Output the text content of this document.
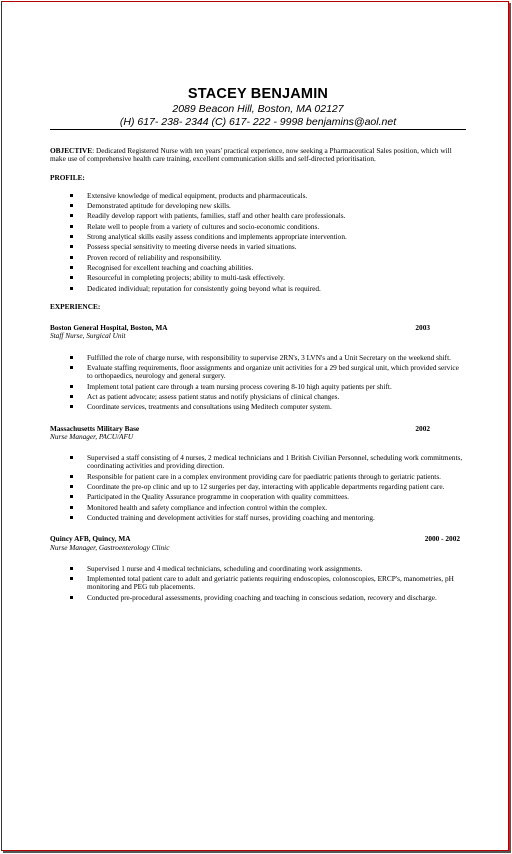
STACEY BENJAMIN
2089 Beacon Hill, Boston, MA 02127
(H) 617- 238- 2344 (C) 617- 222 - 9998 benjamins@aol.net
OBJECTIVE: Dedicated Registered Nurse with ten years' practical experience, now seeking a Pharmaceutical Sales position, which will make use of comprehensive health care training, excellent communication skills and self-directed prioritisation.
PROFILE:
Extensive knowledge of medical equipment, products and pharmaceuticals.
Demonstrated aptitude for developing new skills.
Readily develop rapport with patients, families, staff and other health care professionals.
Relate well to people from a variety of cultures and socio-economic conditions.
Strong analytical skills easily assess conditions and implements appropriate intervention.
Possess special sensitivity to meeting diverse needs in varied situations.
Proven record of reliability and responsibility.
Recognised for excellent teaching and coaching abilities.
Resourceful in completing projects; ability to multi-task effectively.
Dedicated individual; reputation for consistently going beyond what is required.
EXPERIENCE:
Boston General Hospital, Boston, MA	2003
Staff Nurse, Surgical Unit
Fulfilled the role of charge nurse, with responsibility to supervise 2RN's, 3 LVN's and a Unit Secretary on the weekend shift.
Evaluate staffing requirements, floor assignments and organize unit activities for a 29 bed surgical unit, which provided service to orthopaedics, neurology and general surgery.
Implement total patient care through a team nursing process covering 8-10 high aquity patients per shift.
Act as patient advocate; assess patient status and notify physicians of clinical changes.
Coordinate services, treatments and consultations using Meditech computer system.
Massachusetts Military Base	2002
Nurse Manager, PACU/AFU
Supervised a staff consisting of 4 nurses, 2 medical technicians and 1 British Civilian Personnel, scheduling work commitments, coordinating activities and providing direction.
Responsible for patient care in a complex environment providing care for paediatric patients through to geriatric patients.
Coordinate the pre-op clinic and up to 12 surgeries per day, interacting with applicable departments regarding patient care.
Participated in the Quality Assurance programme in cooperation with quality committees.
Monitored health and safety compliance and infection control within the complex.
Conducted training and development activities for staff nurses, providing coaching and mentoring.
Quincy AFB, Quincy, MA	2000 - 2002
Nurse Manager, Gastroenterology Clinic
Supervised 1 nurse and 4 medical technicians, scheduling and coordinating work assignments.
Implemented total patient care to adult and geriatric patients requiring endoscopies, colonoscopies, ERCP's, manometries, pH monitoring and PEG tub placements.
Conducted pre-procedural assessments, providing coaching and teaching in conscious sedation, recovery and discharge.
